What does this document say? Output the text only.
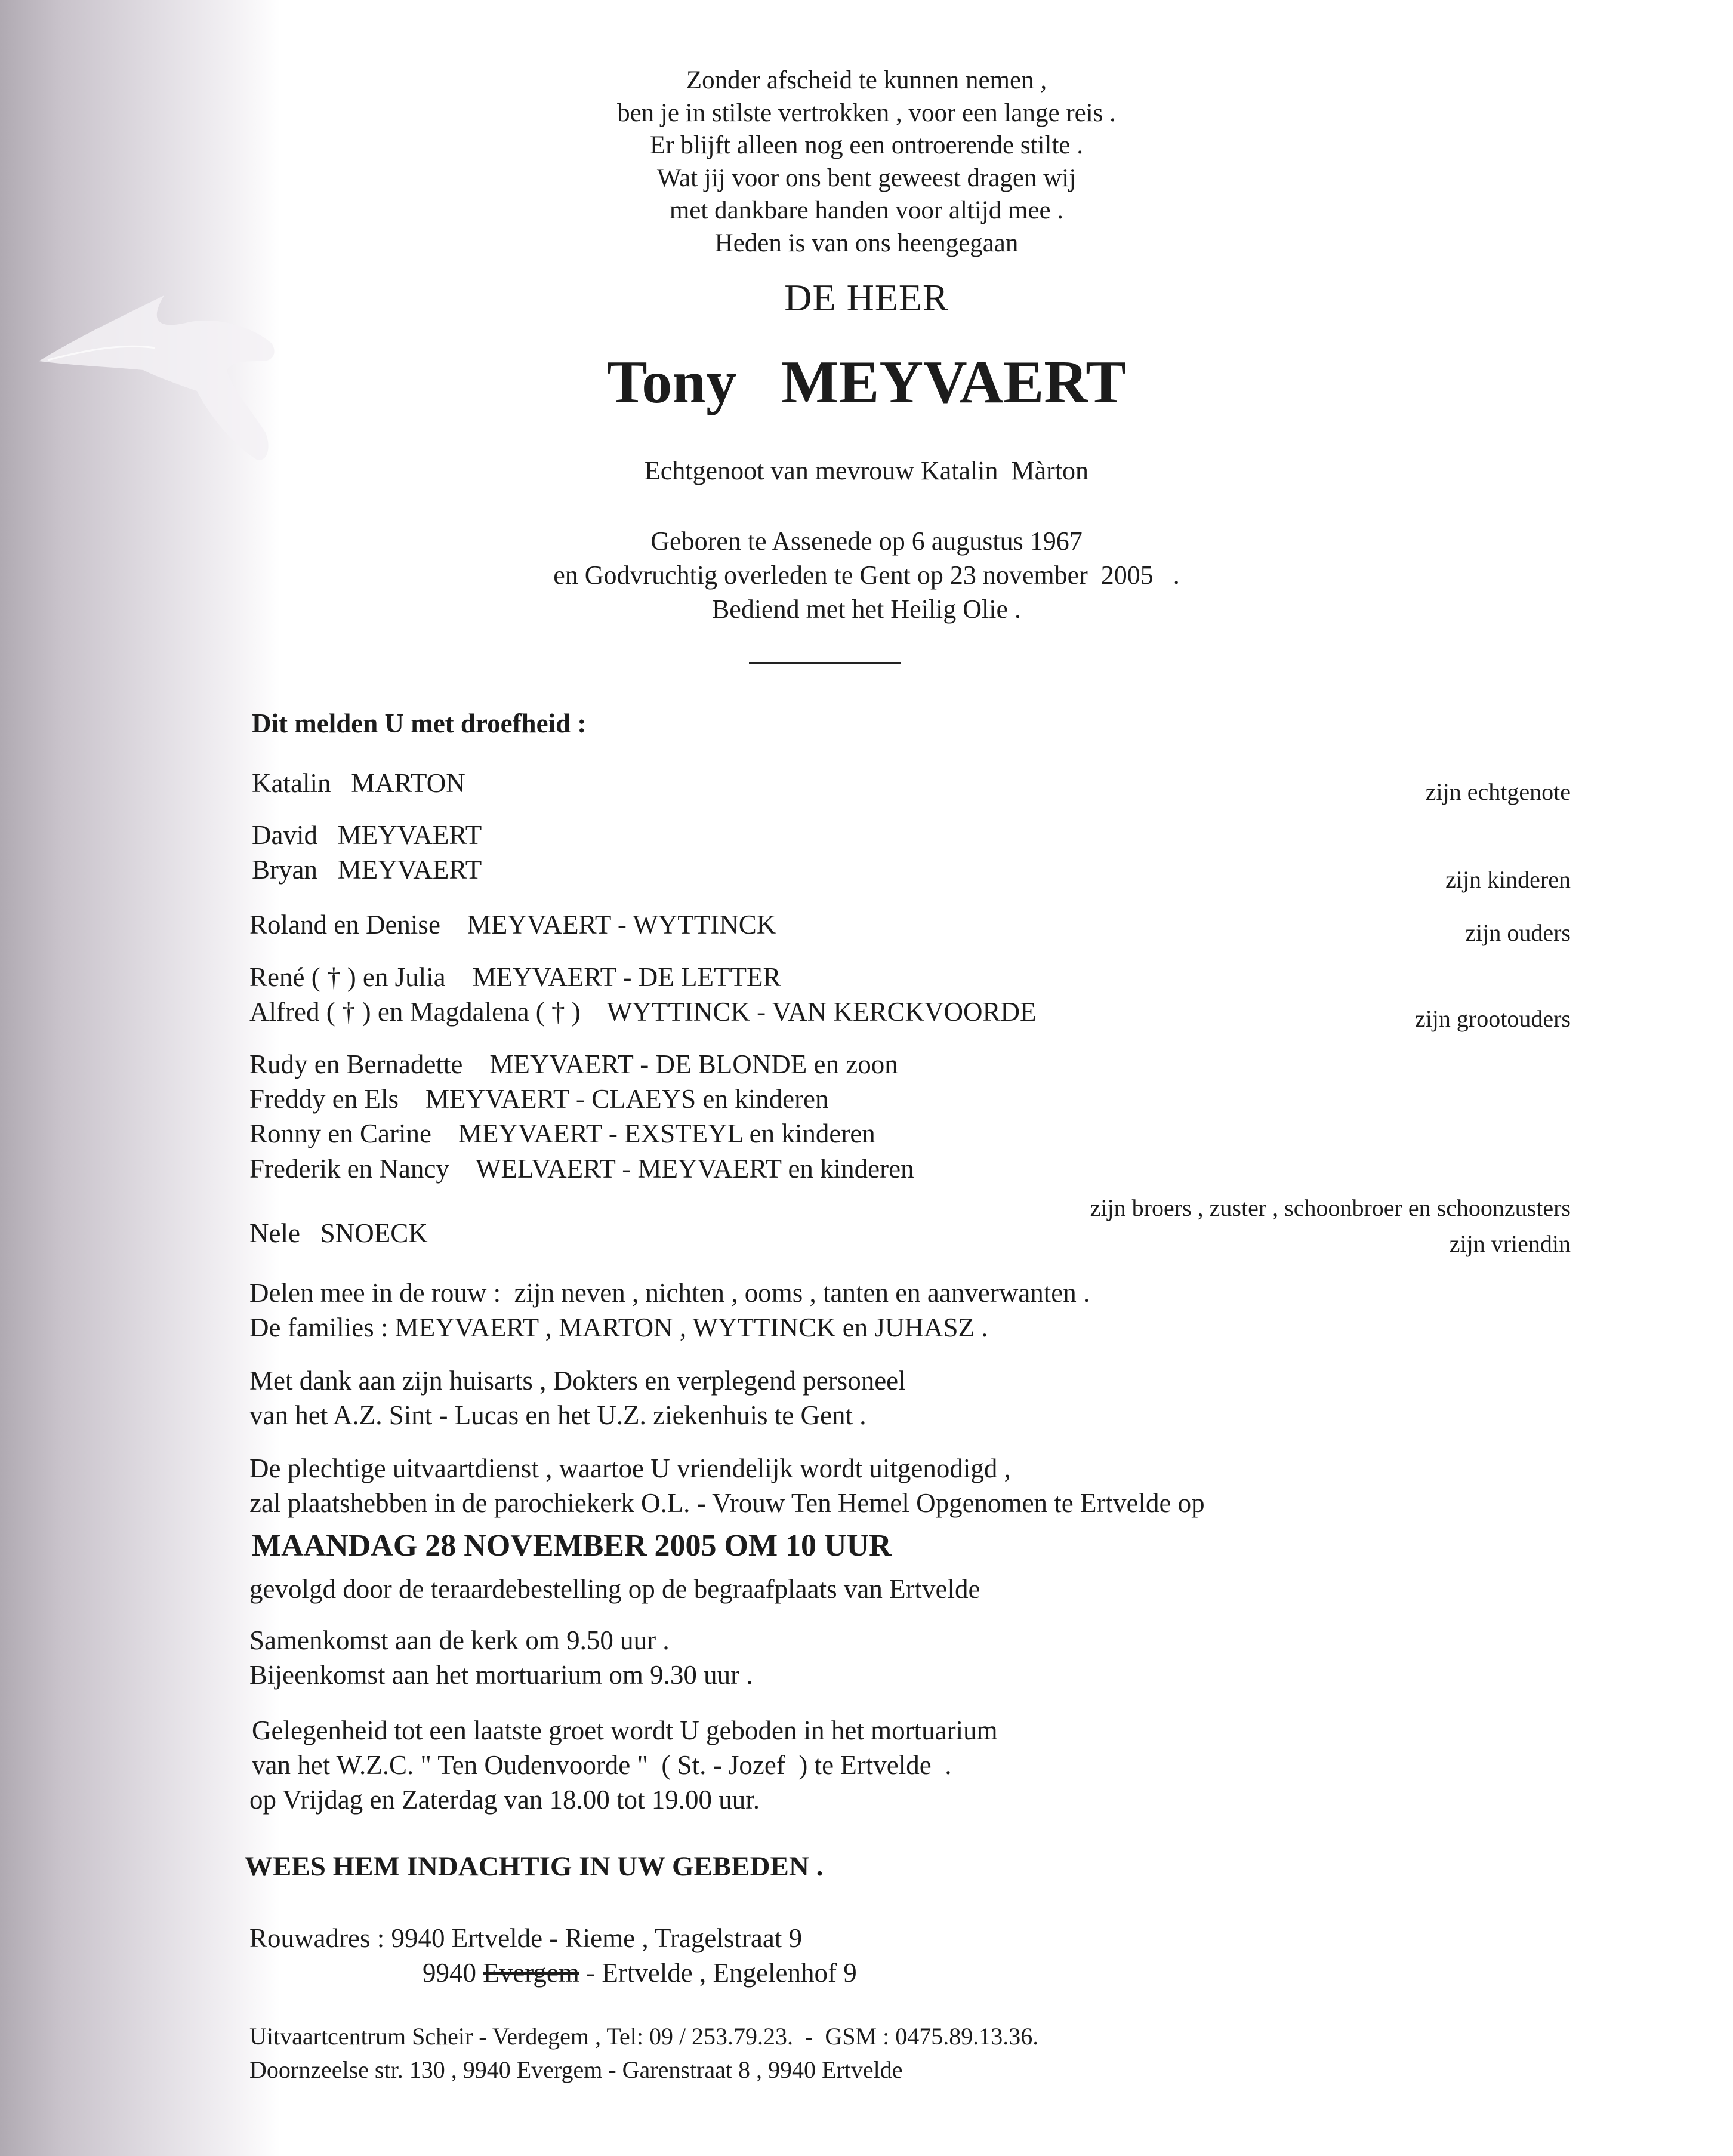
Zonder afscheid te kunnen nemen ,
ben je in stilste vertrokken , voor een lange reis .
Er blijft alleen nog een ontroerende stilte .
Wat jij voor ons bent geweest dragen wij
met dankbare handen voor altijd mee .
Heden is van ons heengegaan
DE HEER
Tony MEYVAERT
Echtgenoot van mevrouw Katalin  Màrton
Geboren te Assenede op 6 augustus 1967
en Godvruchtig overleden te Gent op 23 november  2005   .
Bediend met het Heilig Olie .
Dit melden U met droefheid :
Katalin   MARTON	zijn echtgenote
David   MEYVAERT
Bryan   MEYVAERT	zijn kinderen
Roland en Denise    MEYVAERT - WYTTINCK	zijn ouders
René ( † ) en Julia    MEYVAERT - DE LETTER
Alfred ( † ) en Magdalena ( † )    WYTTINCK - VAN KERCKVOORDE	zijn grootouders
Rudy en Bernadette    MEYVAERT - DE BLONDE en zoon
Freddy en Els    MEYVAERT - CLAEYS en kinderen
Ronny en Carine    MEYVAERT - EXSTEYL en kinderen
Frederik en Nancy    WELVAERT - MEYVAERT en kinderen
zijn broers , zuster , schoonbroer en schoonzusters
Nele   SNOECK	zijn vriendin
Delen mee in de rouw :  zijn neven , nichten , ooms , tanten en aanverwanten .
De families : MEYVAERT , MARTON , WYTTINCK en JUHASZ .
Met dank aan zijn huisarts , Dokters en verplegend personeel
van het A.Z. Sint - Lucas en het U.Z. ziekenhuis te Gent .
De plechtige uitvaartdienst , waartoe U vriendelijk wordt uitgenodigd ,
zal plaatshebben in de parochiekerk O.L. - Vrouw Ten Hemel Opgenomen te Ertvelde op
MAANDAG 28 NOVEMBER 2005 OM 10 UUR
gevolgd door de teraardebestelling op de begraafplaats van Ertvelde
Samenkomst aan de kerk om 9.50 uur .
Bijeenkomst aan het mortuarium om 9.30 uur .
Gelegenheid tot een laatste groet wordt U geboden in het mortuarium
van het W.Z.C. " Ten Oudenvoorde "  ( St. - Jozef  ) te Ertvelde  .
op Vrijdag en Zaterdag van 18.00 tot 19.00 uur.
WEES HEM INDACHTIG IN UW GEBEDEN .
Rouwadres : 9940 Ertvelde - Rieme , Tragelstraat 9
9940 Evergem - Ertvelde , Engelenhof 9
Uitvaartcentrum Scheir - Verdegem , Tel: 09 / 253.79.23.  -  GSM : 0475.89.13.36.
Doornzeelse str. 130 , 9940 Evergem - Garenstraat 8 , 9940 Ertvelde
